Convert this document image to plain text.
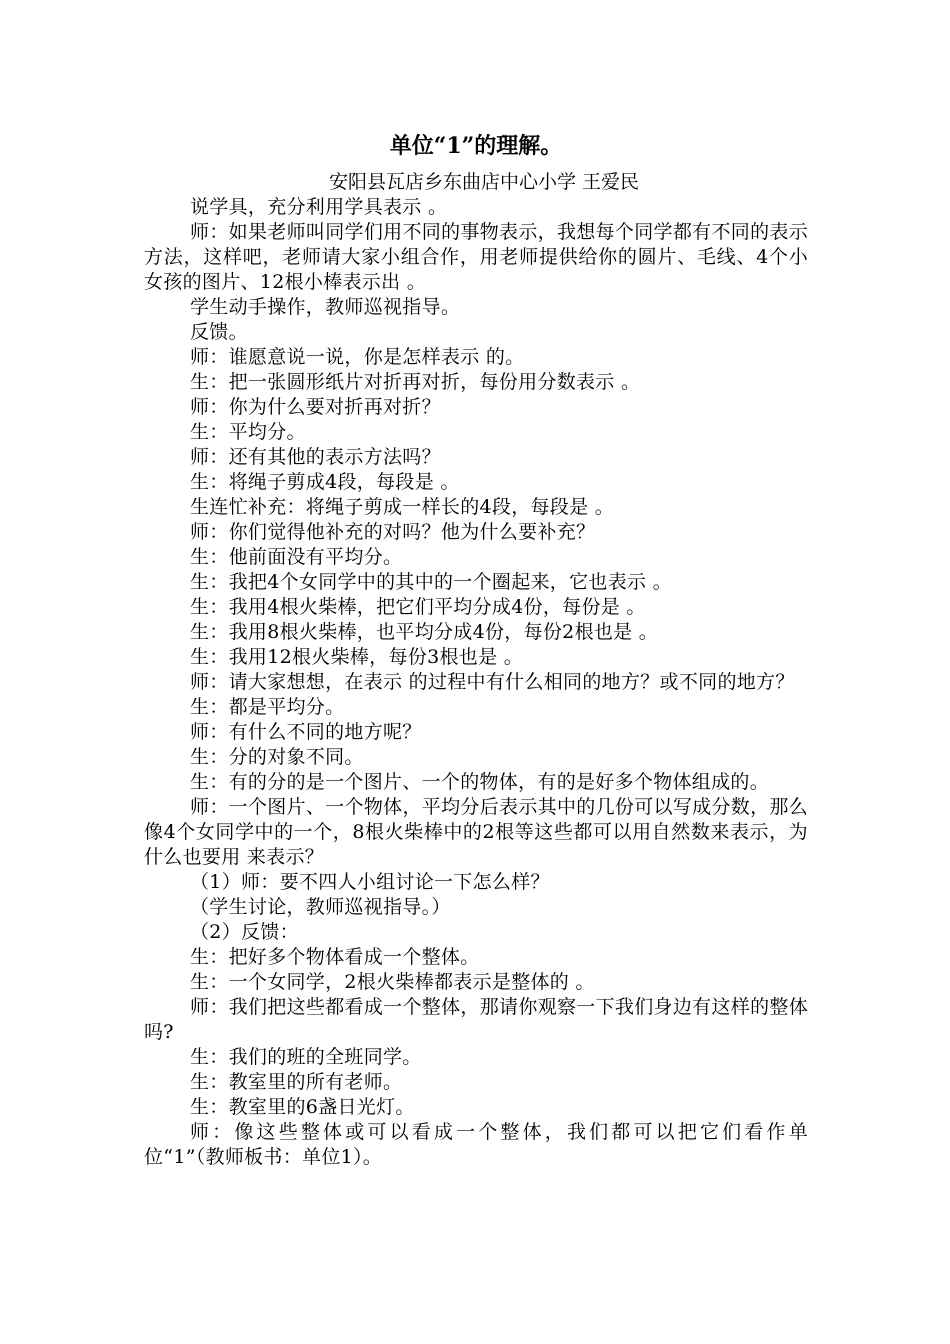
单位“1”的理解。

安阳县瓦店乡东曲店中心小学 王爱民

说学具，充分利用学具表示 。

师：如果老师叫同学们用不同的事物表示，我想每个同学都有不同的表示方法，这样吧，老师请大家小组合作，用老师提供给你的圆片、毛线、4个小女孩的图片、12根小棒表示出 。

学生动手操作，教师巡视指导。

反馈。

师：谁愿意说一说，你是怎样表示 的。

生：把一张圆形纸片对折再对折，每份用分数表示 。

师：你为什么要对折再对折？

生：平均分。

师：还有其他的表示方法吗？

生：将绳子剪成4段，每段是 。

生连忙补充：将绳子剪成一样长的4段，每段是 。

师：你们觉得他补充的对吗？他为什么要补充？

生：他前面没有平均分。

生：我把4个女同学中的其中的一个圈起来，它也表示 。

生：我用4根火柴棒，把它们平均分成4份，每份是 。

生：我用8根火柴棒，也平均分成4份，每份2根也是 。

生：我用12根火柴棒，每份3根也是 。

师：请大家想想，在表示 的过程中有什么相同的地方？或不同的地方？

生：都是平均分。

师：有什么不同的地方呢？

生：分的对象不同。

生：有的分的是一个图片、一个的物体，有的是好多个物体组成的。

师：一个图片、一个物体，平均分后表示其中的几份可以写成分数，那么像4个女同学中的一个，8根火柴棒中的2根等这些都可以用自然数来表示，为什么也要用 来表示？

（1）师：要不四人小组讨论一下怎么样？

（学生讨论，教师巡视指导。）

（2）反馈：

生：把好多个物体看成一个整体。

生：一个女同学，2根火柴棒都表示是整体的 。

师：我们把这些都看成一个整体，那请你观察一下我们身边有这样的整体吗?

生：我们的班的全班同学。

生：教室里的所有老师。

生：教室里的6盏日光灯。

师：像这些整体或可以看成一个整体，我们都可以把它们看作单位“1”（教师板书：单位1）。
